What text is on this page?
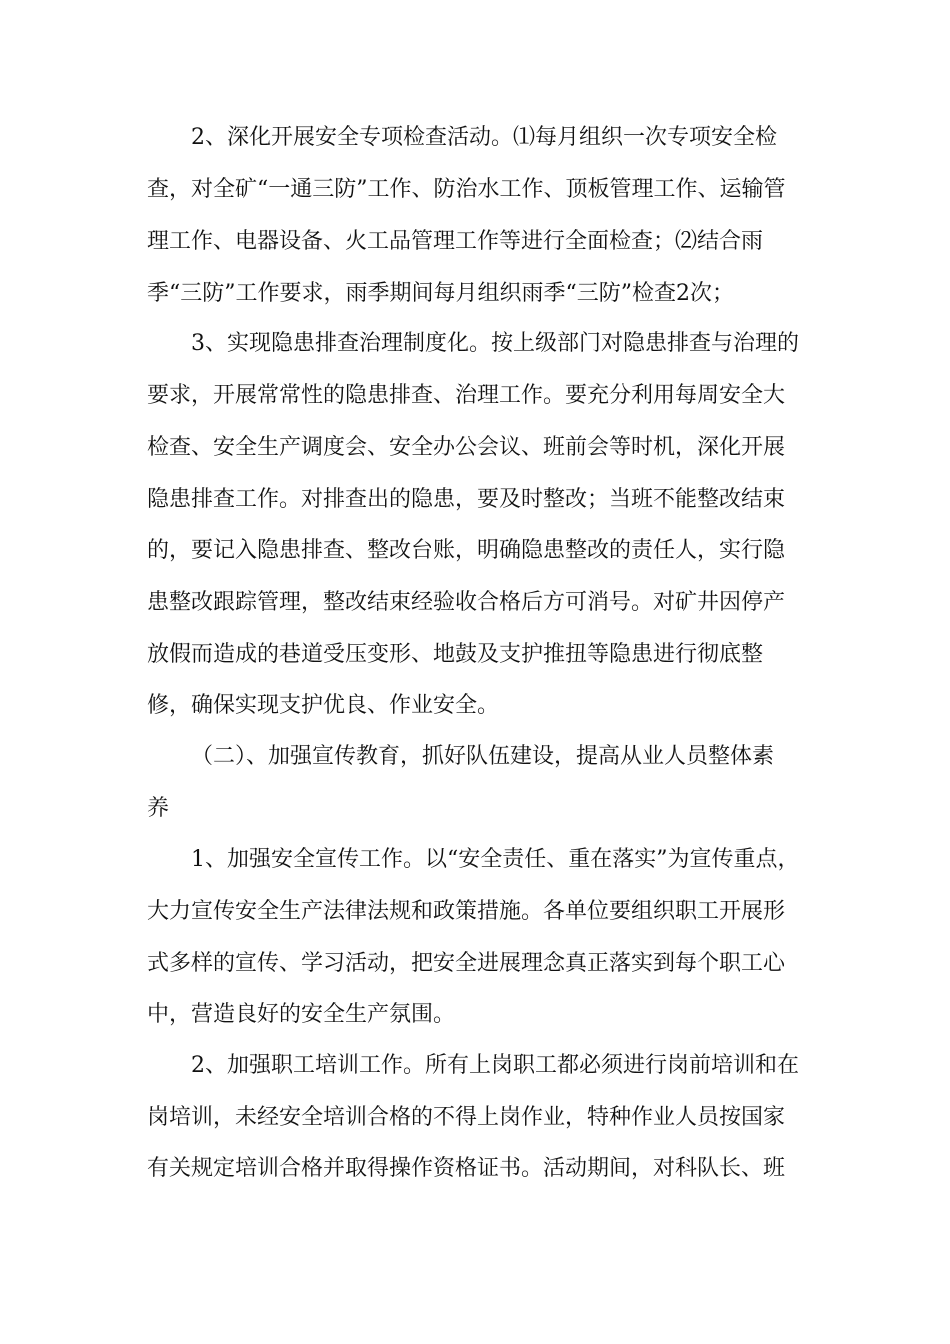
2、深化开展安全专项检查活动。⑴每月组织一次专项安全检
查，对全矿“一通三防”工作、防治水工作、顶板管理工作、运输管
理工作、电器设备、火工品管理工作等进行全面检查；⑵结合雨
季“三防”工作要求，雨季期间每月组织雨季“三防”检查2次；
3、实现隐患排查治理制度化。按上级部门对隐患排查与治理的
要求，开展常常性的隐患排查、治理工作。要充分利用每周安全大
检查、安全生产调度会、安全办公会议、班前会等时机，深化开展
隐患排查工作。对排查出的隐患，要及时整改；当班不能整改结束
的，要记入隐患排查、整改台账，明确隐患整改的责任人，实行隐
患整改跟踪管理，整改结束经验收合格后方可消号。对矿井因停产
放假而造成的巷道受压变形、地鼓及支护推扭等隐患进行彻底整
修，确保实现支护优良、作业安全。
（二）、加强宣传教育，抓好队伍建设，提高从业人员整体素
养
1、加强安全宣传工作。以“安全责任、重在落实”为宣传重点，
大力宣传安全生产法律法规和政策措施。各单位要组织职工开展形
式多样的宣传、学习活动，把安全进展理念真正落实到每个职工心
中，营造良好的安全生产氛围。
2、加强职工培训工作。所有上岗职工都必须进行岗前培训和在
岗培训，未经安全培训合格的不得上岗作业，特种作业人员按国家
有关规定培训合格并取得操作资格证书。活动期间，对科队长、班
